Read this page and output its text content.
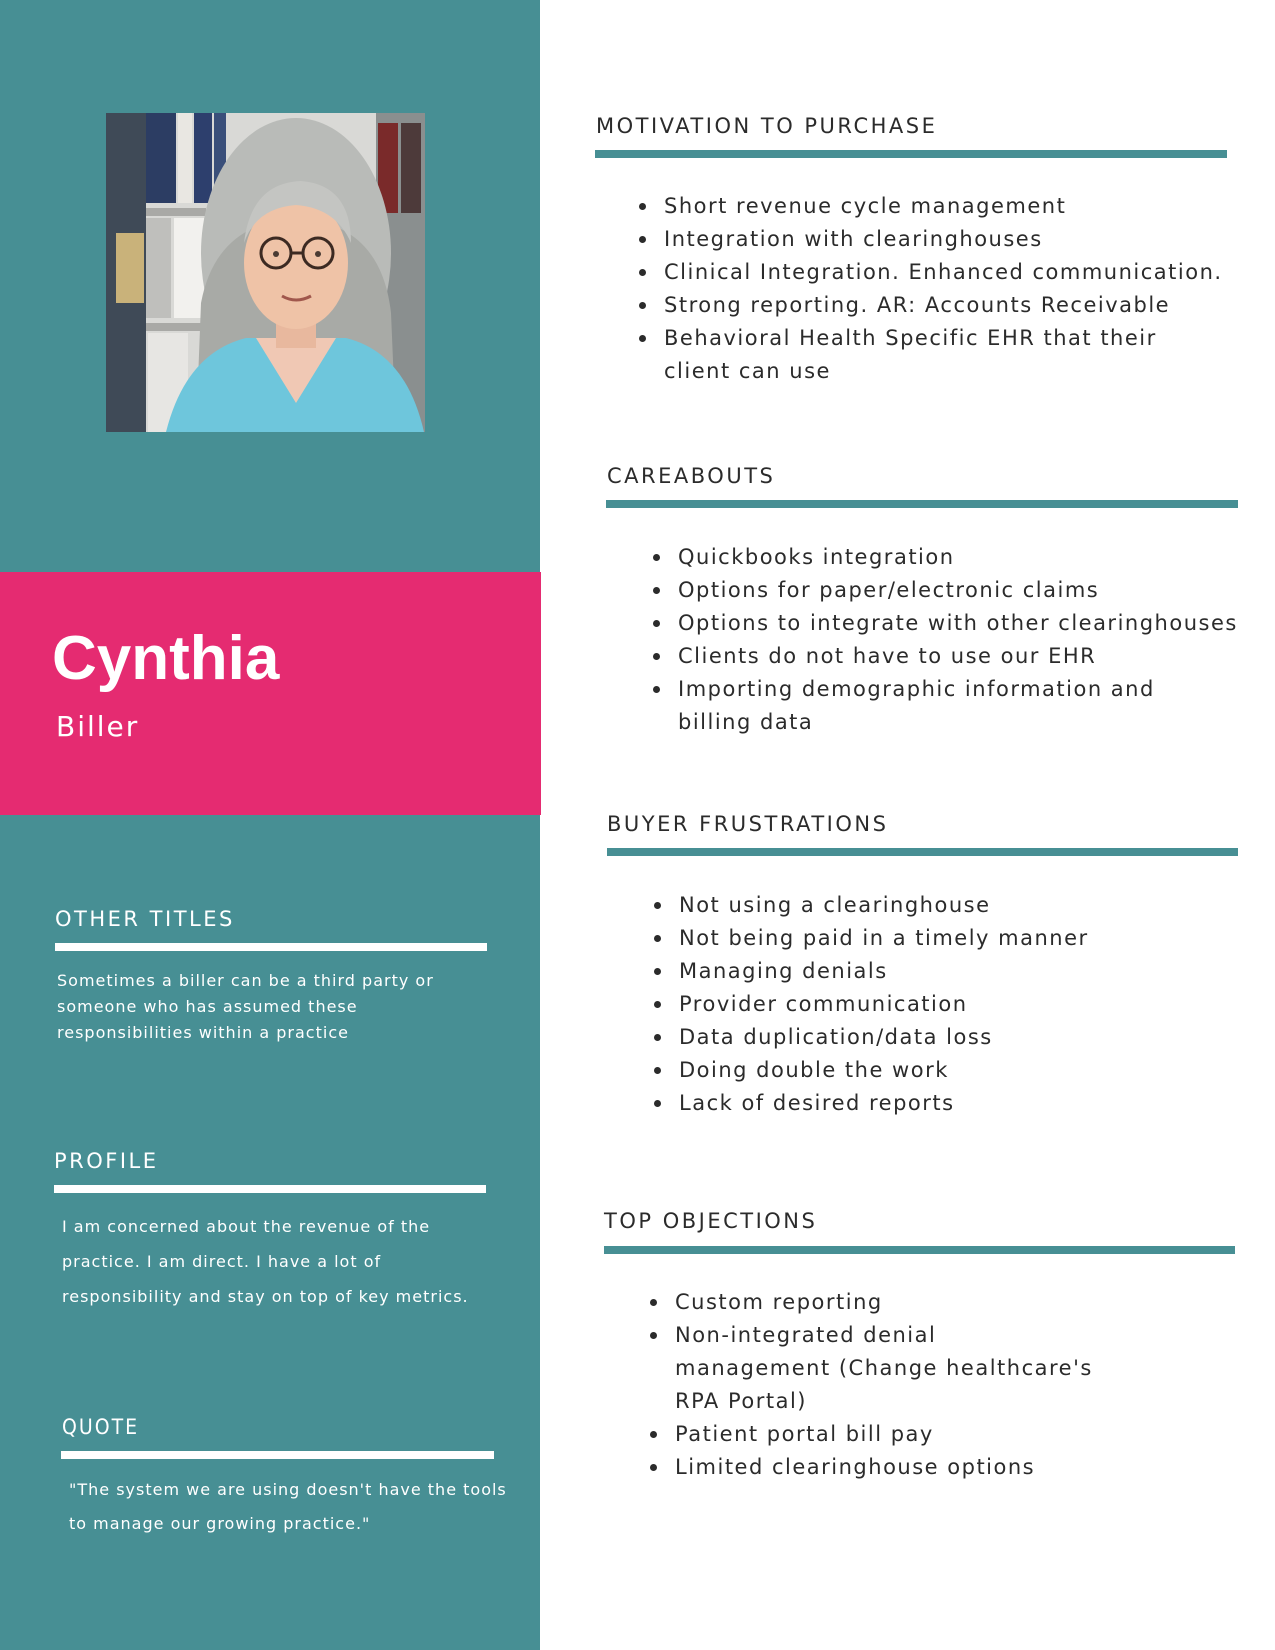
Cynthia
Biller
OTHER TITLES
Sometimes a biller can be a third party or
someone who has assumed these
responsibilities within a practice
PROFILE
I am concerned about the revenue of the
practice. I am direct. I have a lot of
responsibility and stay on top of key metrics.
QUOTE
"The system we are using doesn't have the tools
to manage our growing practice."
MOTIVATION TO PURCHASE
Short revenue cycle management
Integration with clearinghouses
Clinical Integration. Enhanced communication.
Strong reporting. AR: Accounts Receivable
Behavioral Health Specific EHR that their client can use
CAREABOUTS
Quickbooks integration
Options for paper/electronic claims
Options to integrate with other clearinghouses
Clients do not have to use our EHR
Importing demographic information and billing data
BUYER FRUSTRATIONS
Not using a clearinghouse
Not being paid in a timely manner
Managing denials
Provider communication
Data duplication/data loss
Doing double the work
Lack of desired reports
TOP OBJECTIONS
Custom reporting
Non-integrated denial management (Change healthcare's RPA Portal)
Patient portal bill pay
Limited clearinghouse options
